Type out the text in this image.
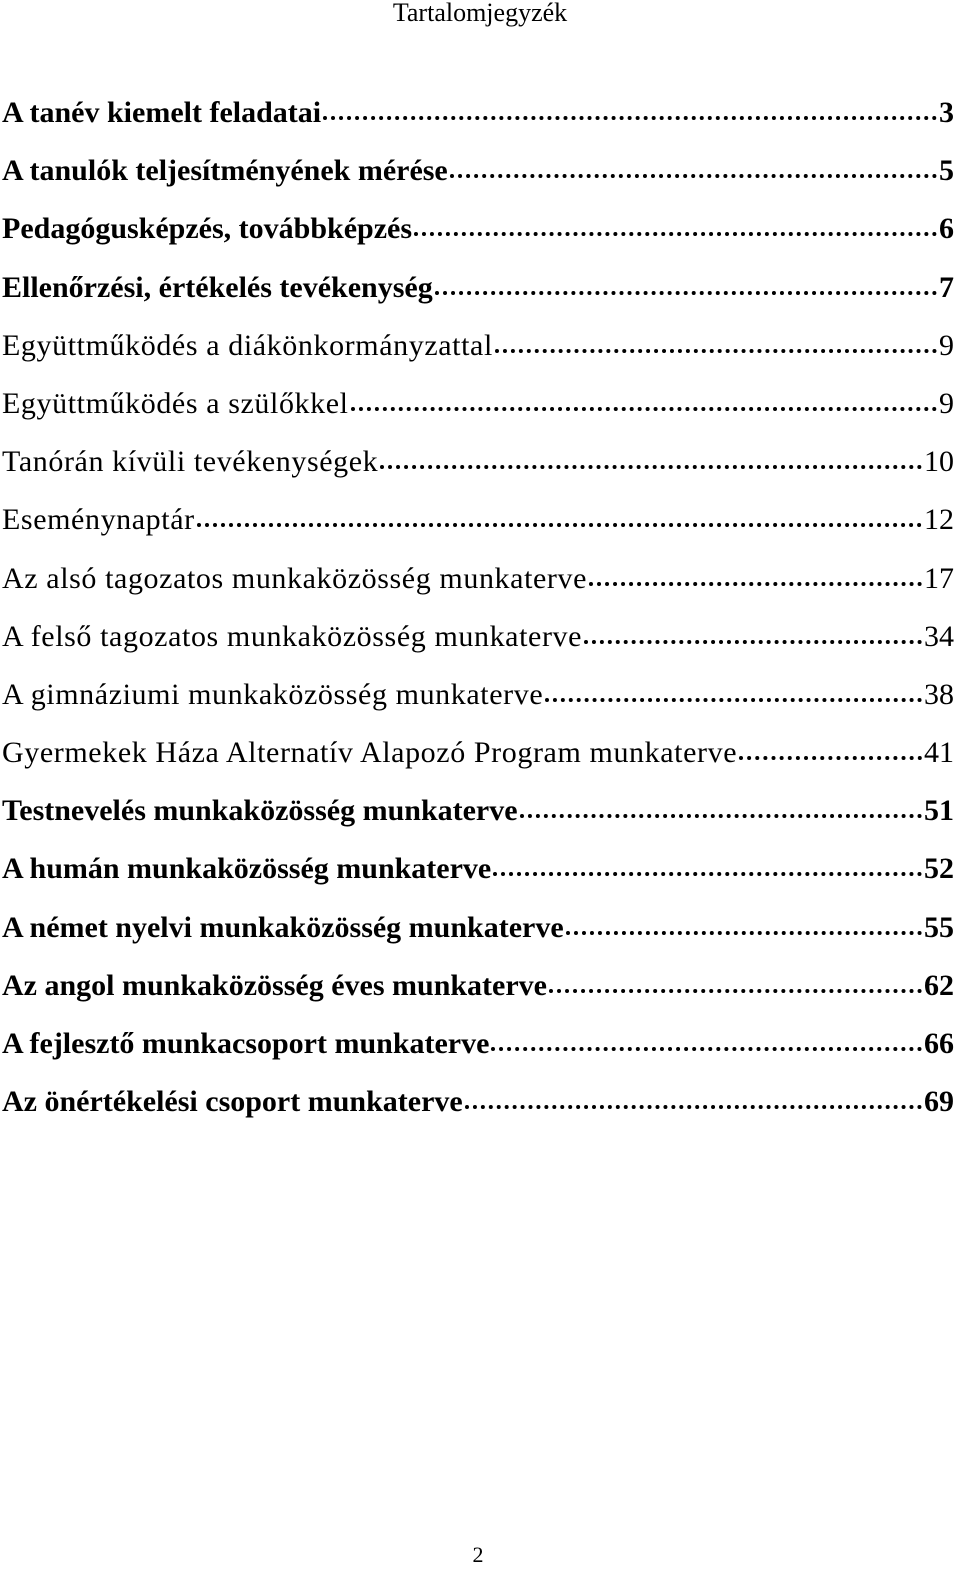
Tartalomjegyzék
A tanév kiemelt feladatai	3
A tanulók teljesítményének mérése	5
Pedagógusképzés, továbbképzés	6
Ellenőrzési, értékelés tevékenység	7
Együttműködés a diákönkormányzattal	9
Együttműködés a szülőkkel	9
Tanórán kívüli tevékenységek	10
Eseménynaptár	12
Az alsó tagozatos munkaközösség munkaterve	17
A felső tagozatos munkaközösség munkaterve	34
A gimnáziumi munkaközösség munkaterve	38
Gyermekek Háza Alternatív Alapozó Program munkaterve	41
Testnevelés munkaközösség munkaterve	51
A humán munkaközösség munkaterve	52
A német nyelvi munkaközösség munkaterve	55
Az angol munkaközösség éves munkaterve	62
A fejlesztő munkacsoport munkaterve	66
Az önértékelési csoport munkaterve	69
2
